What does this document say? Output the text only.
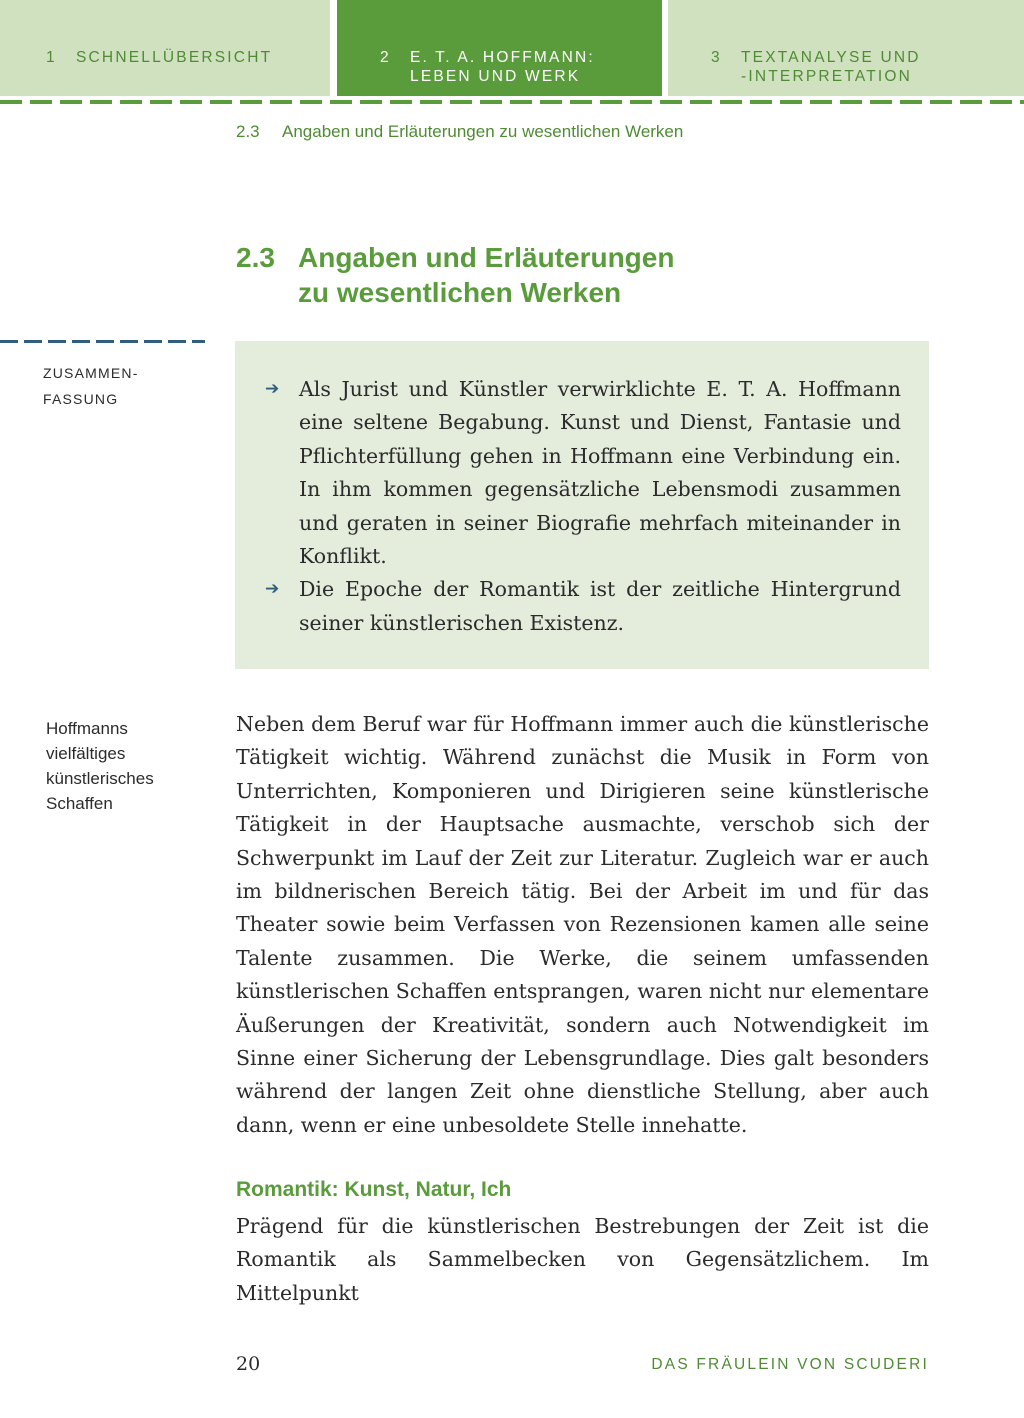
1	SCHNELLÜBERSICHT	2	E. T. A. HOFFMANN:
LEBEN UND WERK
3	TEXTANALYSE UND
-INTERPRETATION
2.3 Angaben und Erläuterungen zu wesentlichen Werken
2.3 Angaben und Erläuterungen
zu wesentlichen Werken
ZUSAMMEN-
FASSUNG
Hoffmanns
vielfältiges
künstlerisches
Schaffen
➔ Als Jurist und Künstler verwirklichte E. T. A. Hoffmann eine seltene Begabung. Kunst und Dienst, Fantasie und Pflichterfüllung gehen in Hoffmann eine Verbindung ein. In ihm kommen gegensätzliche Lebensmodi zusammen und geraten in seiner Biografie mehrfach miteinander in Konflikt.
➔ Die Epoche der Romantik ist der zeitliche Hintergrund seiner künstlerischen Existenz.

Neben dem Beruf war für Hoffmann immer auch die künstlerische Tätigkeit wichtig. Während zunächst die Musik in Form von Unterrichten, Komponieren und Dirigieren seine künstlerische Tätigkeit in der Hauptsache ausmachte, verschob sich der Schwerpunkt im Lauf der Zeit zur Literatur. Zugleich war er auch im bildnerischen Bereich tätig. Bei der Arbeit im und für das Theater sowie beim Verfassen von Rezensionen kamen alle seine Talente zusammen. Die Werke, die seinem umfassenden künstlerischen Schaffen entsprangen, waren nicht nur elementare Äußerungen der Kreativität, sondern auch Notwendigkeit im Sinne einer Sicherung der Lebensgrundlage. Dies galt besonders während der langen Zeit ohne dienstliche Stellung, aber auch dann, wenn er eine unbesoldete Stelle innehatte.

Romantik: Kunst, Natur, Ich

Prägend für die künstlerischen Bestrebungen der Zeit ist die Romantik als Sammelbecken von Gegensätzlichem. Im Mittelpunkt

20	DAS FRÄULEIN VON SCUDERI
